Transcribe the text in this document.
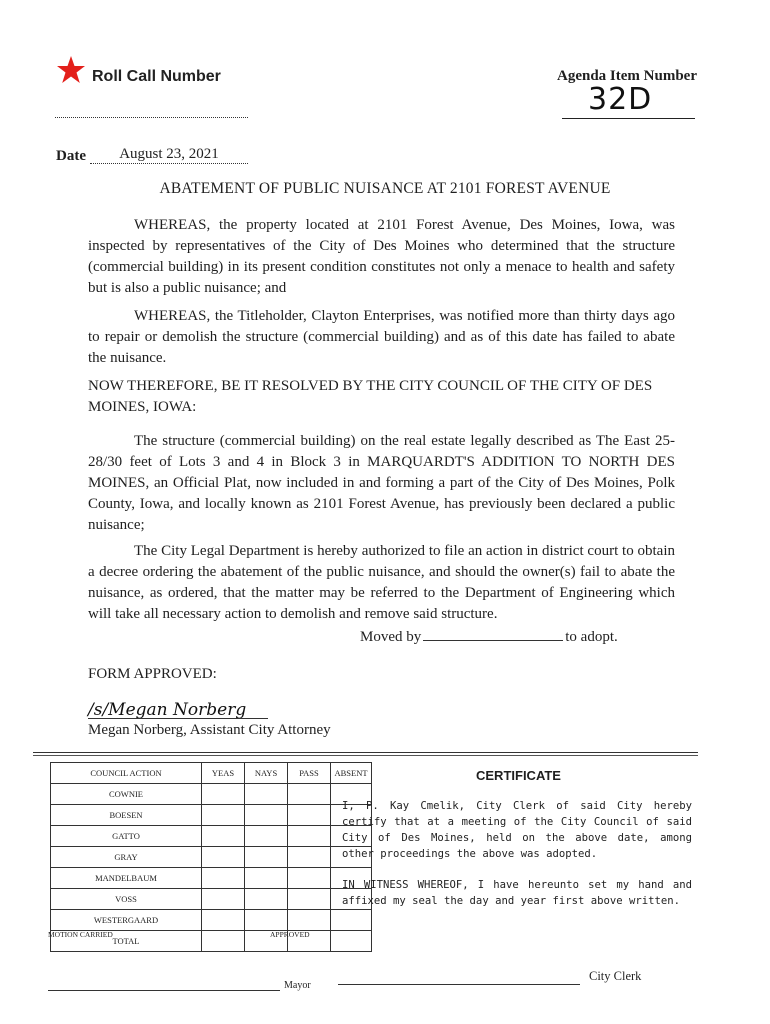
Roll Call Number	Agenda Item Number
32D
Date	August 23, 2021
ABATEMENT OF PUBLIC NUISANCE AT 2101 FOREST AVENUE
WHEREAS, the property located at 2101 Forest Avenue, Des Moines, Iowa, was inspected by representatives of the City of Des Moines who determined that the structure (commercial building) in its present condition constitutes not only a menace to health and safety but is also a public nuisance; and
WHEREAS, the Titleholder, Clayton Enterprises, was notified more than thirty days ago to repair or demolish the structure (commercial building) and as of this date has failed to abate the nuisance.
NOW THEREFORE, BE IT RESOLVED BY THE CITY COUNCIL OF THE CITY OF DES MOINES, IOWA:
The structure (commercial building) on the real estate legally described as The East 25-28/30 feet of Lots 3 and 4 in Block 3 in MARQUARDT'S ADDITION TO NORTH DES MOINES, an Official Plat, now included in and forming a part of the City of Des Moines, Polk County, Iowa, and locally known as 2101 Forest Avenue, has previously been declared a public nuisance;
The City Legal Department is hereby authorized to file an action in district court to obtain a decree ordering the abatement of the public nuisance, and should the owner(s) fail to abate the nuisance, as ordered, that the matter may be referred to the Department of Engineering which will take all necessary action to demolish and remove said structure.
Moved by	to adopt.
FORM APPROVED:
/s/Megan Norberg
Megan Norberg, Assistant City Attorney
COUNCIL ACTION	YEAS	NAYS	PASS	ABSENT
COWNIE				
BOESEN				
GATTO				
GRAY				
MANDELBAUM				
VOSS				
WESTERGAARD				
TOTAL				
MOTION CARRIED	APPROVED
Mayor
CERTIFICATE
I, P. Kay Cmelik, City Clerk of said City hereby certify that at a meeting of the City Council of said City of Des Moines, held on the above date, among other proceedings the above was adopted.
IN WITNESS WHEREOF, I have hereunto set my hand and affixed my seal the day and year first above written.
City Clerk
